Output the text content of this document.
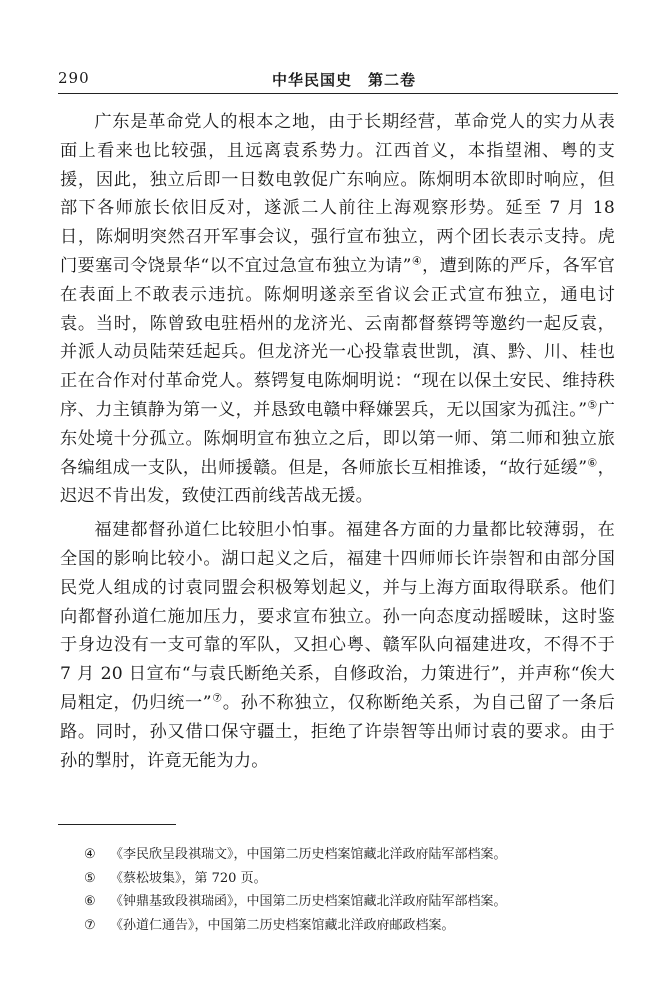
290	中华民国史　第二卷

广东是革命党人的根本之地，由于长期经营，革命党人的实力从表面上看来也比较强，且远离袁系势力。江西首义，本指望湘、粤的支援，因此，独立后即一日数电敦促广东响应。陈炯明本欲即时响应，但部下各师旅长依旧反对，遂派二人前往上海观察形势。延至 7 月 18 日，陈炯明突然召开军事会议，强行宣布独立，两个团长表示支持。虎门要塞司令饶景华“以不宜过急宣布独立为请”④，遭到陈的严斥，各军官在表面上不敢表示违抗。陈炯明遂亲至省议会正式宣布独立，通电讨袁。当时，陈曾致电驻梧州的龙济光、云南都督蔡锷等邀约一起反袁，并派人动员陆荣廷起兵。但龙济光一心投靠袁世凯，滇、黔、川、桂也正在合作对付革命党人。蔡锷复电陈炯明说：“现在以保土安民、维持秩序、力主镇静为第一义，并恳致电赣中释嫌罢兵，无以国家为孤注。”⑤广东处境十分孤立。陈炯明宣布独立之后，即以第一师、第二师和独立旅各编组成一支队，出师援赣。但是，各师旅长互相推诿，“故行延缓”⑥，迟迟不肯出发，致使江西前线苦战无援。

福建都督孙道仁比较胆小怕事。福建各方面的力量都比较薄弱，在全国的影响比较小。湖口起义之后，福建十四师师长许崇智和由部分国民党人组成的讨袁同盟会积极筹划起义，并与上海方面取得联系。他们向都督孙道仁施加压力，要求宣布独立。孙一向态度动摇暧昧，这时鉴于身边没有一支可靠的军队，又担心粤、赣军队向福建进攻，不得不于 7 月 20 日宣布“与袁氏断绝关系，自修政治，力策进行”，并声称“俟大局粗定，仍归统一”⑦。孙不称独立，仅称断绝关系，为自己留了一条后路。同时，孙又借口保守疆土，拒绝了许崇智等出师讨袁的要求。由于孙的掣肘，许竟无能为力。

④ 《李民欣呈段祺瑞文》，中国第二历史档案馆藏北洋政府陆军部档案。
⑤ 《蔡松坡集》，第 720 页。
⑥ 《钟鼎基致段祺瑞函》，中国第二历史档案馆藏北洋政府陆军部档案。
⑦ 《孙道仁通告》，中国第二历史档案馆藏北洋政府邮政档案。
